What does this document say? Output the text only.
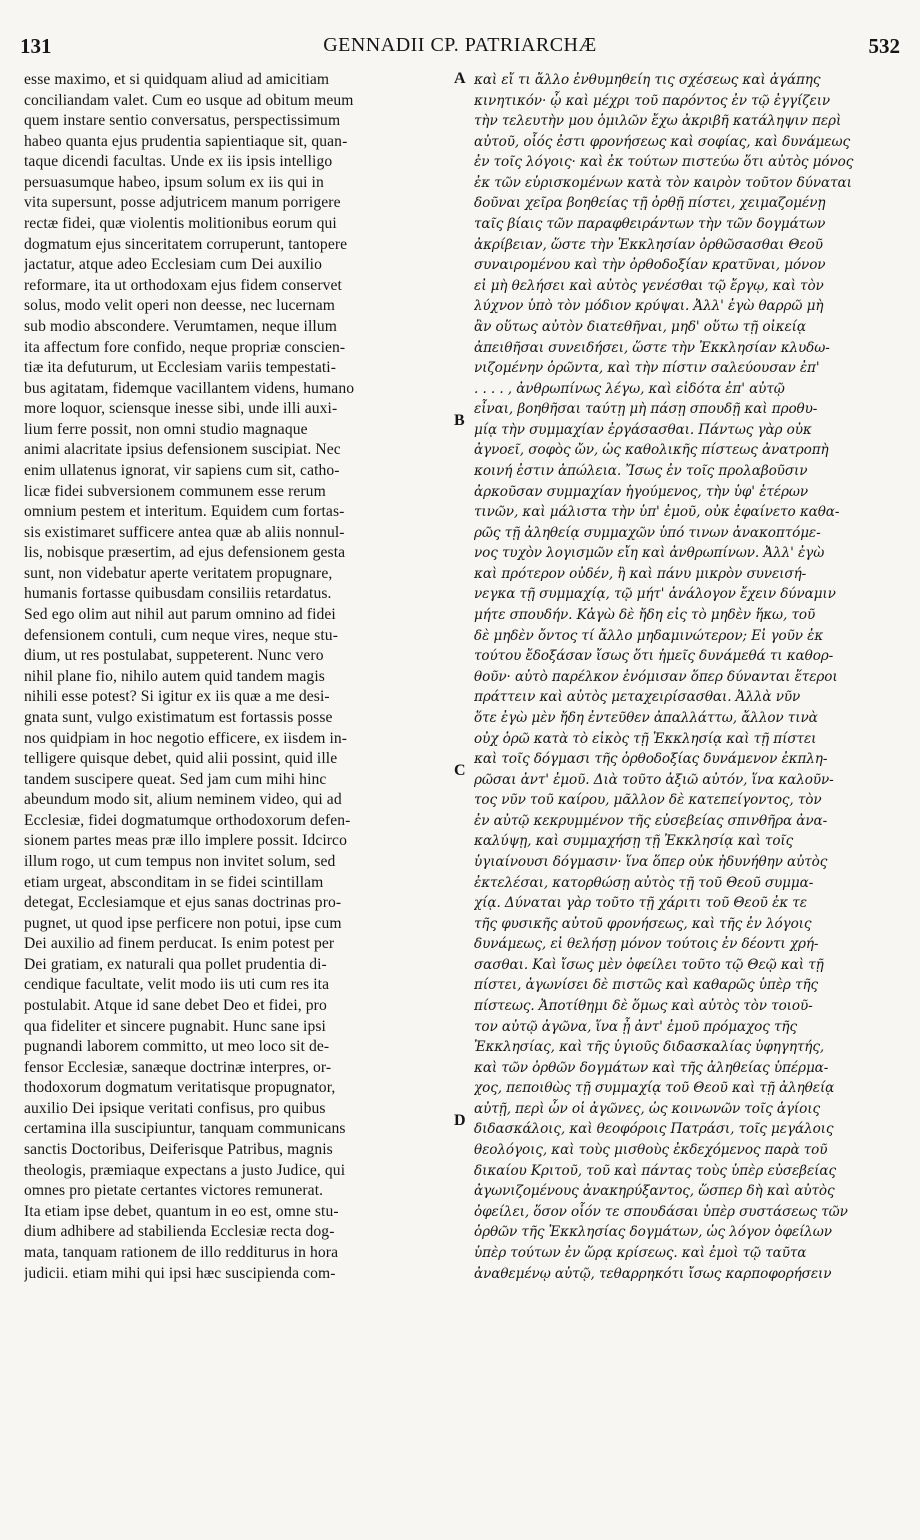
131	GENNADII CP. PATRIARCHÆ	532
esse maximo, et si quidquam aliud ad amicitiam
conciliandam valet. Cum eo usque ad obitum meum
quem instare sentio conversatus, perspectissimum
habeo quanta ejus prudentia sapientiaque sit, quan-
taque dicendi facultas. Unde ex iis ipsis intelligo
persuasumque habeo, ipsum solum ex iis qui in
vita supersunt, posse adjutricem manum porrigere
rectæ fidei, quæ violentis molitionibus eorum qui
dogmatum ejus sinceritatem corruperunt, tantopere
jactatur, atque adeo Ecclesiam cum Dei auxilio
reformare, ita ut orthodoxam ejus fidem conservet
solus, modo velit operi non deesse, nec lucernam
sub modio abscondere. Verumtamen, neque illum
ita affectum fore confido, neque propriæ conscien-
tiæ ita defuturum, ut Ecclesiam variis tempestati-
bus agitatam, fidemque vacillantem videns, humano
more loquor, sciensque inesse sibi, unde illi auxi-
lium ferre possit, non omni studio magnaque
animi alacritate ipsius defensionem suscipiat. Nec
enim ullatenus ignorat, vir sapiens cum sit, catho-
licæ fidei subversionem communem esse rerum
omnium pestem et interitum. Equidem cum fortas-
sis existimaret sufficere antea quæ ab aliis nonnul-
lis, nobisque præsertim, ad ejus defensionem gesta
sunt, non videbatur aperte veritatem propugnare,
humanis fortasse quibusdam consiliis retardatus.
Sed ego olim aut nihil aut parum omnino ad fidei
defensionem contuli, cum neque vires, neque stu-
dium, ut res postulabat, suppeterent. Nunc vero
nihil plane fio, nihilo autem quid tandem magis
nihili esse potest? Si igitur ex iis quæ a me desi-
gnata sunt, vulgo existimatum est fortassis posse
nos quidpiam in hoc negotio efficere, ex iisdem in-
telligere quisque debet, quid alii possint, quid ille
tandem suscipere queat. Sed jam cum mihi hinc
abeundum modo sit, alium neminem video, qui ad
Ecclesiæ, fidei dogmatumque orthodoxorum defen-
sionem partes meas præ illo implere possit. Idcirco
illum rogo, ut cum tempus non invitet solum, sed
etiam urgeat, absconditam in se fidei scintillam
detegat, Ecclesiamque et ejus sanas doctrinas pro-
pugnet, ut quod ipse perficere non potui, ipse cum
Dei auxilio ad finem perducat. Is enim potest per
Dei gratiam, ex naturali qua pollet prudentia di-
cendique facultate, velit modo iis uti cum res ita
postulabit. Atque id sane debet Deo et fidei, pro
qua fideliter et sincere pugnabit. Hunc sane ipsi
pugnandi laborem committo, ut meo loco sit de-
fensor Ecclesiæ, sanæque doctrinæ interpres, or-
thodoxorum dogmatum veritatisque propugnator,
auxilio Dei ipsique veritati confisus, pro quibus
certamina illa suscipiuntur, tanquam communicans
sanctis Doctoribus, Deiferisque Patribus, magnis
theologis, præmiaque expectans a justo Judice, qui
omnes pro pietate certantes victores remunerat.
Ita etiam ipse debet, quantum in eo est, omne stu-
dium adhibere ad stabilienda Ecclesiæ recta dog-
mata, tanquam rationem de illo redditurus in hora
judicii. etiam mihi qui ipsi hæc suscipienda com-
καὶ εἴ τι ἄλλο ἐνθυμηθείη τις σχέσεως καὶ ἀγάπης
κινητικόν· ᾧ καὶ μέχρι τοῦ παρόντος ἐν τῷ ἐγγίζειν
τὴν τελευτὴν μου ὁμιλῶν ἔχω ἀκριβῆ κατάληψιν περὶ
αὐτοῦ, οἷός ἐστι φρονήσεως καὶ σοφίας, καὶ δυνάμεως
ἐν τοῖς λόγοις· καὶ ἐκ τούτων πιστεύω ὅτι αὐτὸς μόνος
ἐκ τῶν εὑρισκομένων κατὰ τὸν καιρὸν τοῦτον δύναται
δοῦναι χεῖρα βοηθείας τῇ ὀρθῇ πίστει, χειμαζομένῃ
ταῖς βίαις τῶν παραφθειράντων τὴν τῶν δογμάτων
ἀκρίβειαν, ὥστε τὴν Ἐκκλησίαν ὀρθῶσασθαι Θεοῦ
συναιρομένου καὶ τὴν ὀρθοδοξίαν κρατῦναι, μόνον
εἰ μὴ θελήσει καὶ αὐτὸς γενέσθαι τῷ ἔργῳ, καὶ τὸν
λύχνον ὑπὸ τὸν μόδιον κρύψαι. Ἀλλ' ἐγὼ θαρρῶ μὴ
ἂν οὕτως αὐτὸν διατεθῆναι, μηδ' οὕτω τῇ οἰκείᾳ
ἀπειθῆσαι συνειδήσει, ὥστε τὴν Ἐκκλησίαν κλυδω-
νιζομένην ὁρῶντα, καὶ τὴν πίστιν σαλεύουσαν ἐπ'
. . . . , ἀνθρωπίνως λέγω, καὶ εἰδότα ἐπ' αὐτῷ
εἶναι, βοηθῆσαι ταύτῃ μὴ πάσῃ σπουδῇ καὶ προθυ-
μίᾳ τὴν συμμαχίαν ἐργάσασθαι. Πάντως γὰρ οὐκ
ἀγνοεῖ, σοφὸς ὤν, ὡς καθολικῆς πίστεως ἀνατροπὴ
κοινή ἐστιν ἀπώλεια. Ἴσως ἐν τοῖς προλαβοῦσιν
ἀρκοῦσαν συμμαχίαν ἡγούμενος, τὴν ὑφ' ἑτέρων
τινῶν, καὶ μάλιστα τὴν ὑπ' ἐμοῦ, οὐκ ἐφαίνετο καθα-
ρῶς τῇ ἀληθείᾳ συμμαχῶν ὑπό τινων ἀνακοπτόμε-
νος τυχὸν λογισμῶν εἴη καὶ ἀνθρωπίνων. Ἀλλ' ἐγὼ
καὶ πρότερον οὐδέν, ἢ καὶ πάνυ μικρὸν συνεισή-
νεγκα τῇ συμμαχίᾳ, τῷ μήτ' ἀνάλογον ἔχειν δύναμιν
μήτε σπουδήν. Κἀγὼ δὲ ἤδη εἰς τὸ μηδὲν ἥκω, τοῦ
δὲ μηδὲν ὄντος τί ἄλλο μηδαμινώτερον; Εἰ γοῦν ἐκ
τούτου ἔδοξάσαν ἴσως ὅτι ἡμεῖς δυνάμεθά τι καθορ-
θοῦν· αὐτὸ παρέλκον ἐνόμισαν ὅπερ δύνανται ἕτεροι
πράττειν καὶ αὐτὸς μεταχειρίσασθαι. Ἀλλὰ νῦν
ὅτε ἐγὼ μὲν ἤδη ἐντεῦθεν ἀπαλλάττω, ἄλλον τινὰ
οὐχ ὁρῶ κατὰ τὸ εἰκὸς τῇ Ἐκκλησίᾳ καὶ τῇ πίστει
καὶ τοῖς δόγμασι τῆς ὀρθοδοξίας δυνάμενον ἐκπλη-
ρῶσαι ἀντ' ἐμοῦ. Διὰ τοῦτο ἀξιῶ αὐτόν, ἵνα καλοῦν-
τος νῦν τοῦ καίρου, μᾶλλον δὲ κατεπείγοντος, τὸν
ἐν αὐτῷ κεκρυμμένον τῆς εὐσεβείας σπινθῆρα ἀνα-
καλύψῃ, καὶ συμμαχήσῃ τῇ Ἐκκλησίᾳ καὶ τοῖς
ὑγιαίνουσι δόγμασιν· ἵνα ὅπερ οὐκ ἠδυνήθην αὐτὸς
ἐκτελέσαι, κατορθώσῃ αὐτὸς τῇ τοῦ Θεοῦ συμμα-
χίᾳ. Δύναται γὰρ τοῦτο τῇ χάριτι τοῦ Θεοῦ ἐκ τε
τῆς φυσικῆς αὐτοῦ φρονήσεως, καὶ τῆς ἐν λόγοις
δυνάμεως, εἰ θελήσῃ μόνον τούτοις ἐν δέοντι χρή-
σασθαι. Καὶ ἴσως μὲν ὀφείλει τοῦτο τῷ Θεῷ καὶ τῇ
πίστει, ἀγωνίσει δὲ πιστῶς καὶ καθαρῶς ὑπὲρ τῆς
πίστεως. Ἀποτίθημι δὲ ὅμως καὶ αὐτὸς τὸν τοιοῦ-
τον αὐτῷ ἀγῶνα, ἵνα ᾖ ἀντ' ἐμοῦ πρόμαχος τῆς
Ἐκκλησίας, καὶ τῆς ὑγιοῦς διδασκαλίας ὑφηγητής,
καὶ τῶν ὀρθῶν δογμάτων καὶ τῆς ἀληθείας ὑπέρμα-
χος, πεποιθὼς τῇ συμμαχίᾳ τοῦ Θεοῦ καὶ τῇ ἀληθείᾳ
αὐτῇ, περὶ ὧν οἱ ἀγῶνες, ὡς κοινωνῶν τοῖς ἁγίοις
διδασκάλοις, καὶ θεοφόροις Πατράσι, τοῖς μεγάλοις
θεολόγοις, καὶ τοὺς μισθοὺς ἐκδεχόμενος παρὰ τοῦ
δικαίου Κριτοῦ, τοῦ καὶ πάντας τοὺς ὑπὲρ εὐσεβείας
ἀγωνιζομένους ἀνακηρύξαντος, ὥσπερ δὴ καὶ αὐτὸς
ὀφείλει, ὅσον οἷόν τε σπουδάσαι ὑπὲρ συστάσεως τῶν
ὀρθῶν τῆς Ἐκκλησίας δογμάτων, ὡς λόγον ὀφείλων
ὑπὲρ τούτων ἐν ὥρᾳ κρίσεως. καὶ ἐμοὶ τῷ ταῦτα
ἀναθεμένῳ αὐτῷ, τεθαρρηκότι ἴσως καρποφορήσειν
A
B
C
D
